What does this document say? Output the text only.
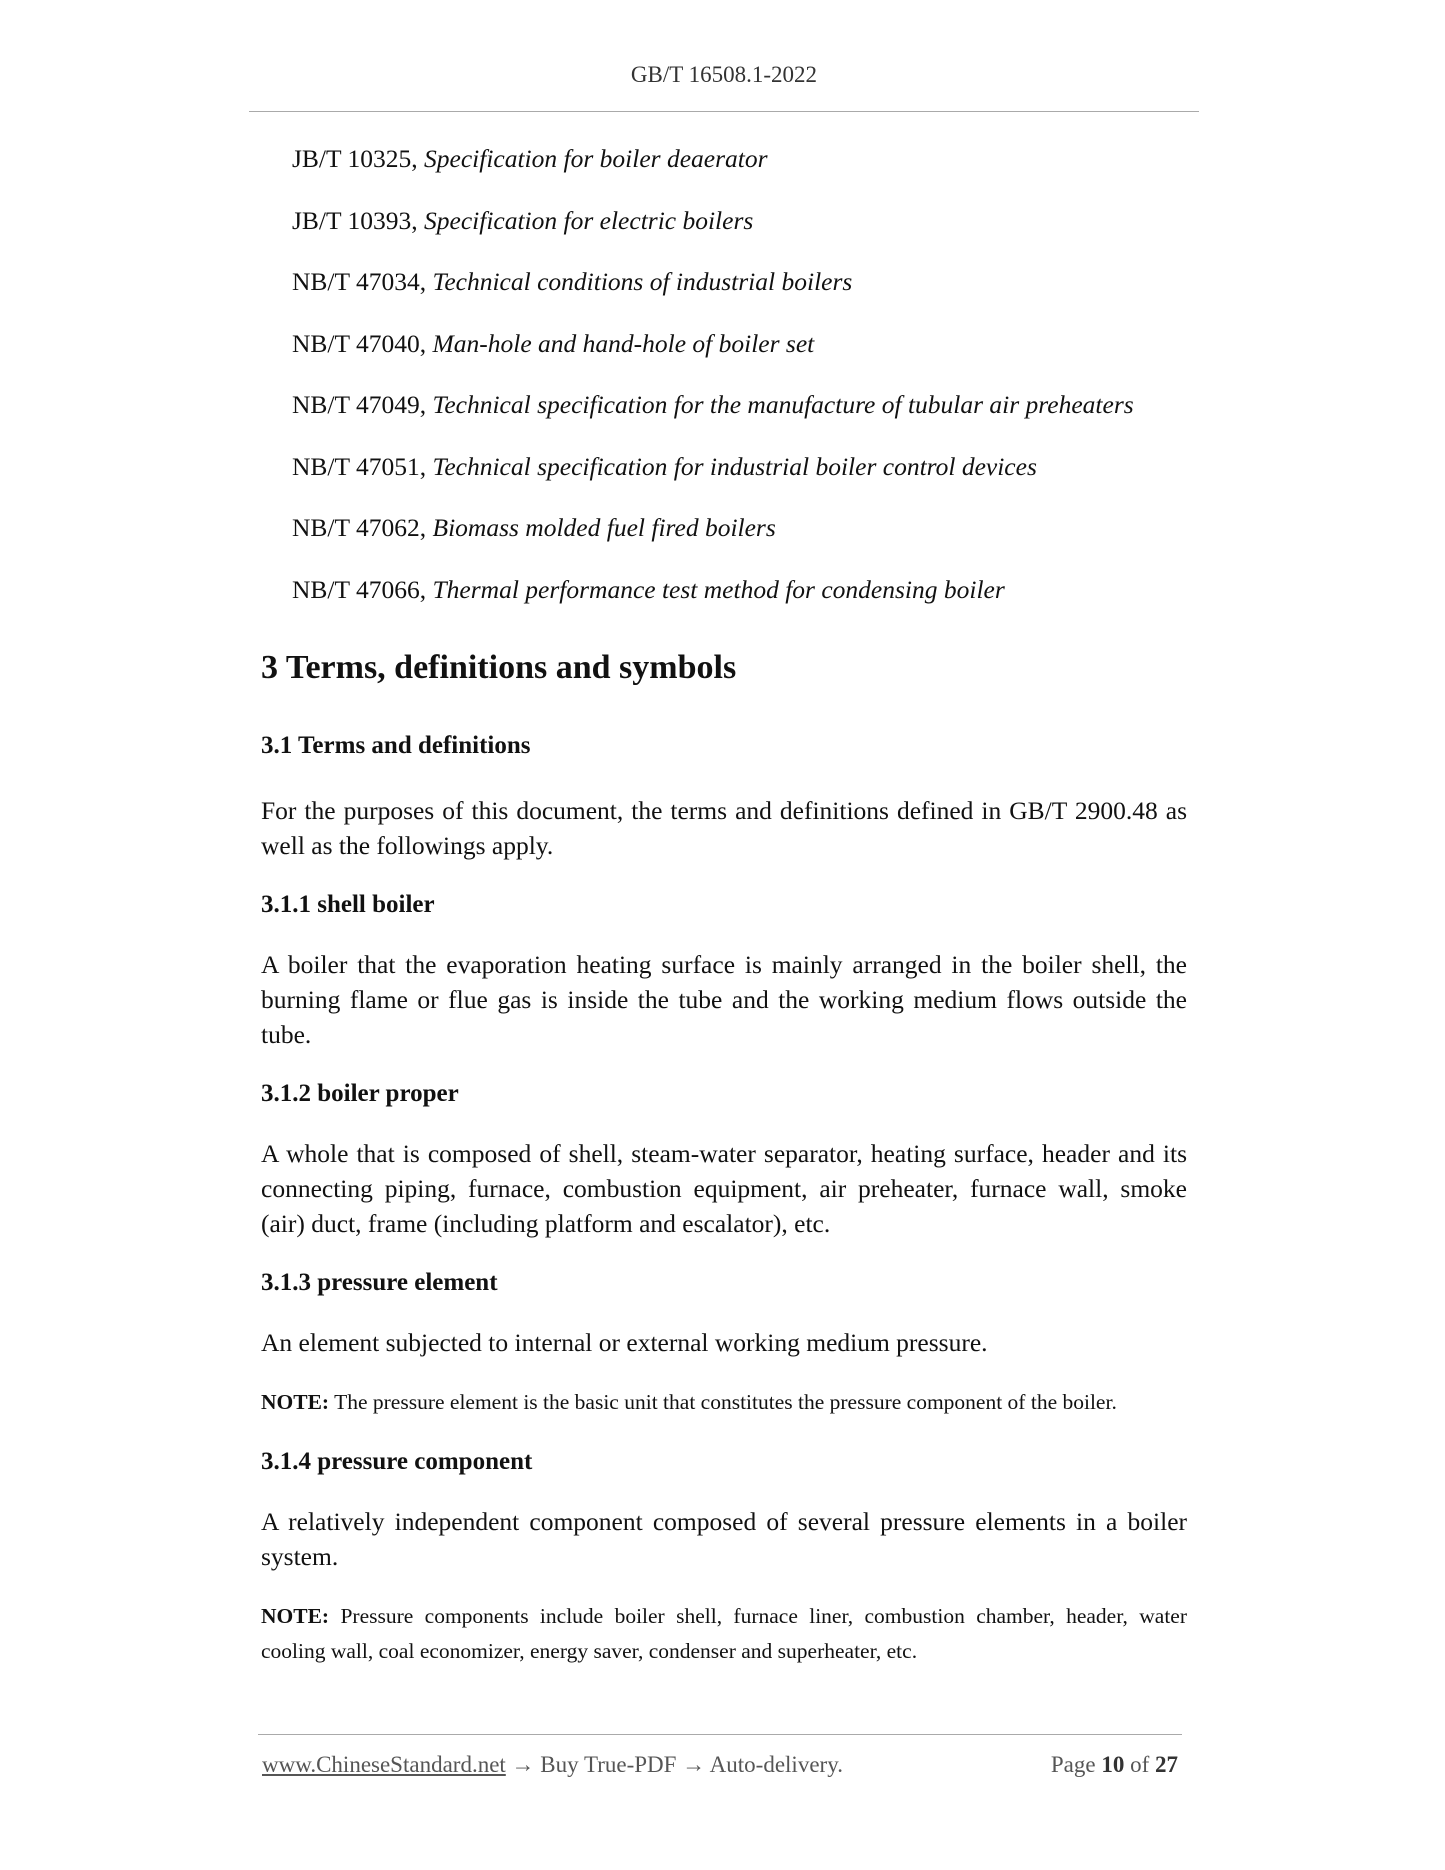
GB/T 16508.1-2022
JB/T 10325, Specification for boiler deaerator
JB/T 10393, Specification for electric boilers
NB/T 47034, Technical conditions of industrial boilers
NB/T 47040, Man-hole and hand-hole of boiler set
NB/T 47049, Technical specification for the manufacture of tubular air preheaters
NB/T 47051, Technical specification for industrial boiler control devices
NB/T 47062, Biomass molded fuel fired boilers
NB/T 47066, Thermal performance test method for condensing boiler
3 Terms, definitions and symbols
3.1 Terms and definitions
For the purposes of this document, the terms and definitions defined in GB/T 2900.48 as well as the followings apply.
3.1.1 shell boiler
A boiler that the evaporation heating surface is mainly arranged in the boiler shell, the burning flame or flue gas is inside the tube and the working medium flows outside the tube.
3.1.2 boiler proper
A whole that is composed of shell, steam-water separator, heating surface, header and its connecting piping, furnace, combustion equipment, air preheater, furnace wall, smoke (air) duct, frame (including platform and escalator), etc.
3.1.3 pressure element
An element subjected to internal or external working medium pressure.
NOTE: The pressure element is the basic unit that constitutes the pressure component of the boiler.
3.1.4 pressure component
A relatively independent component composed of several pressure elements in a boiler system.
NOTE: Pressure components include boiler shell, furnace liner, combustion chamber, header, water cooling wall, coal economizer, energy saver, condenser and superheater, etc.
www.ChineseStandard.net → Buy True-PDF → Auto-delivery.	Page 10 of 27
